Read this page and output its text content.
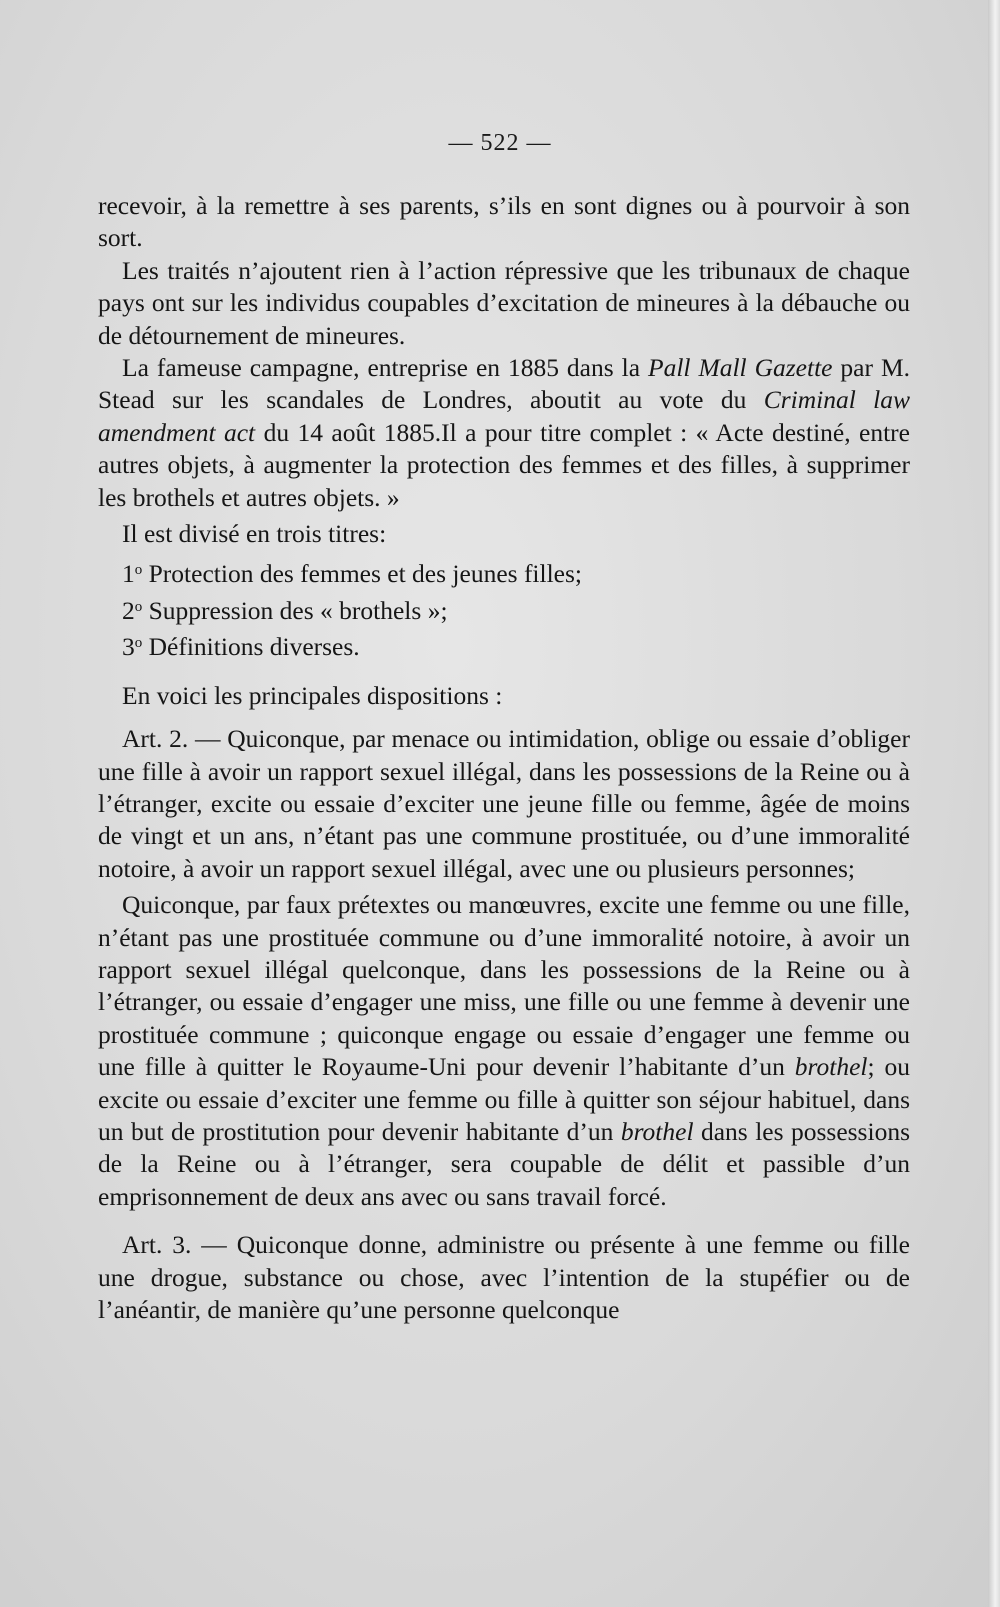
— 522 —

recevoir, à la remettre à ses parents, s’ils en sont dignes ou à pourvoir à son sort.

Les traités n’ajoutent rien à l’action répressive que les tribunaux de chaque pays ont sur les individus coupables d’excitation de mineures à la débauche ou de détournement de mineures.

La fameuse campagne, entreprise en 1885 dans la Pall Mall Gazette par M. Stead sur les scandales de Londres, aboutit au vote du Criminal law amendment act du 14 août 1885.Il a pour titre complet : « Acte destiné, entre autres objets, à augmenter la protection des femmes et des filles, à supprimer les brothels et autres objets. »

Il est divisé en trois titres:

1$^o$ Protection des femmes et des jeunes filles;

2$^o$ Suppression des « brothels »;

3$^o$ Définitions diverses.

En voici les principales dispositions :

Art. 2. — Quiconque, par menace ou intimidation, oblige ou essaie d’obliger une fille à avoir un rapport sexuel illégal, dans les possessions de la Reine ou à l’étranger, excite ou essaie d’exciter une jeune fille ou femme, âgée de moins de vingt et un ans, n’étant pas une commune prostituée, ou d’une immoralité notoire, à avoir un rapport sexuel illégal, avec une ou plusieurs personnes;

Quiconque, par faux prétextes ou manœuvres, excite une femme ou une fille, n’étant pas une prostituée commune ou d’une immoralité notoire, à avoir un rapport sexuel illégal quelconque, dans les possessions de la Reine ou à l’étranger, ou essaie d’engager une miss, une fille ou une femme à devenir une prostituée commune ; quiconque engage ou essaie d’engager une femme ou une fille à quitter le Royaume-Uni pour devenir l’habitante d’un brothel; ou excite ou essaie d’exciter une femme ou fille à quitter son séjour habituel, dans un but de prostitution pour devenir habitante d’un brothel dans les possessions de la Reine ou à l’étranger, sera coupable de délit et passible d’un emprisonnement de deux ans avec ou sans travail forcé.

Art. 3. — Quiconque donne, administre ou présente à une femme ou fille une drogue, substance ou chose, avec l’intention de la stupéfier ou de l’anéantir, de manière qu’une personne quelconque
